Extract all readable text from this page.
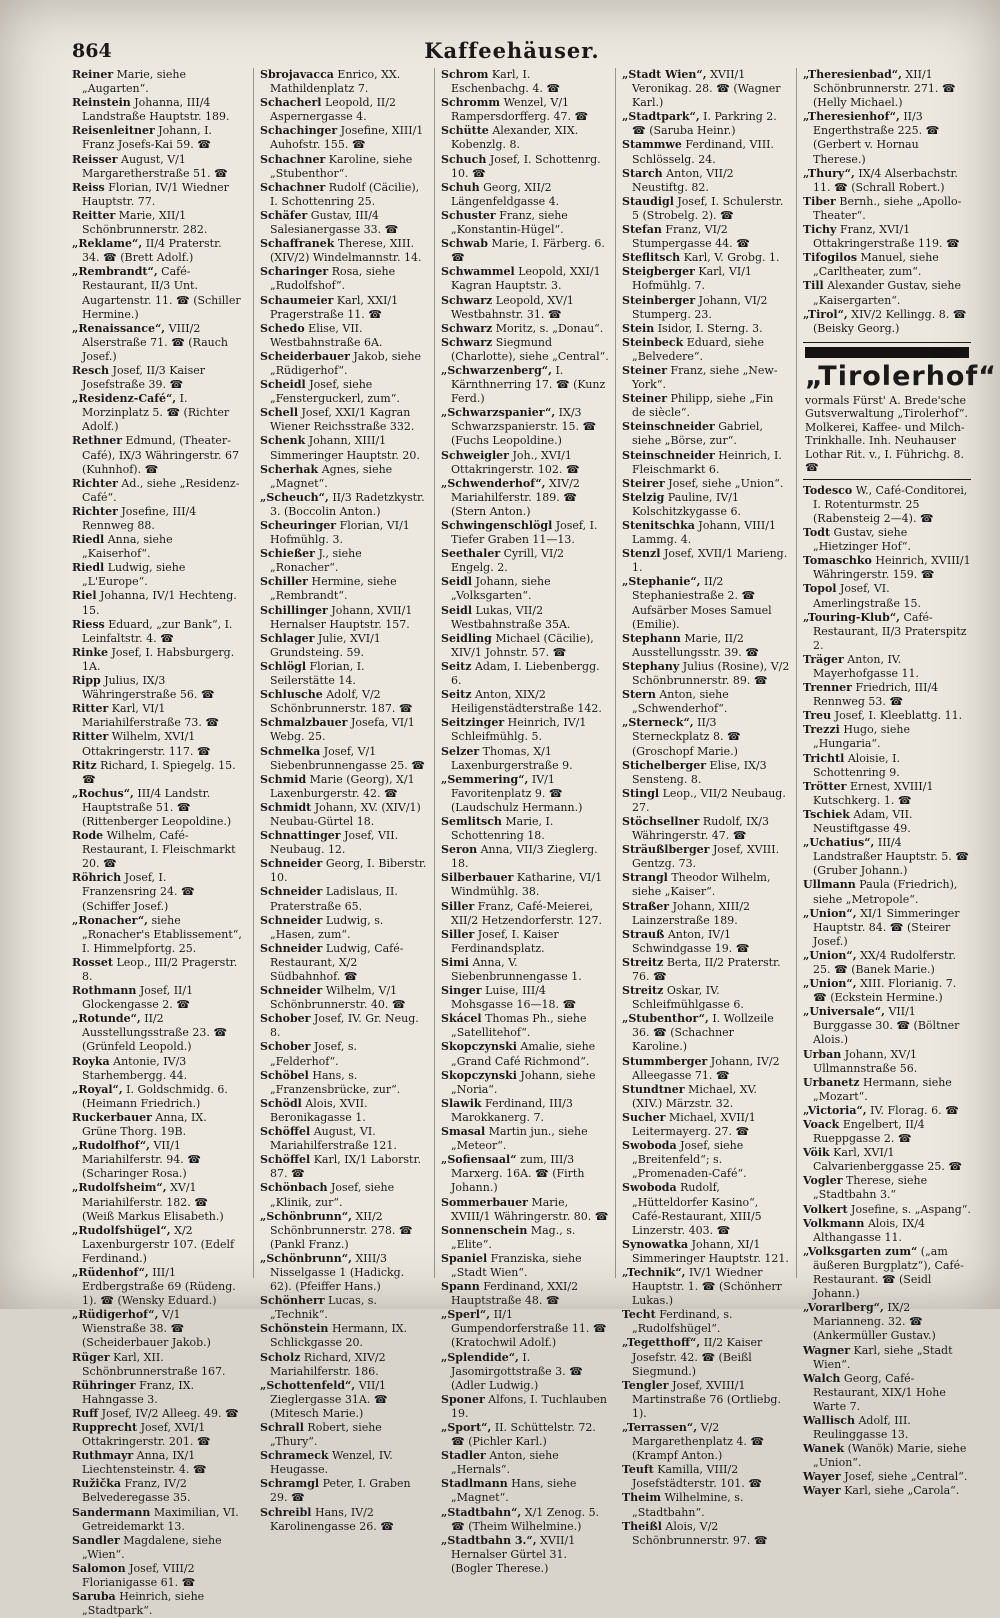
864	Kaffeehäuser.
Reiner Marie, siehe „Augarten“.
Reinstein Johanna, III/4 Landstraße Hauptstr. 189.
Reisenleitner Johann, I. Franz Josefs-Kai 59. ☎
Reisser August, V/1 Margaretherstraße 51. ☎
Reiss Florian, IV/1 Wiedner Hauptstr. 77.
Reitter Marie, XII/1 Schönbrunnerstr. 282.
„Reklame“, II/4 Praterstr. 34. ☎ (Brett Adolf.)
„Rembrandt“, Café-Restaurant, II/3 Unt. Augartenstr. 11. ☎ (Schiller Hermine.)
„Renaissance“, VIII/2 Alserstraße 71. ☎ (Rauch Josef.)
Resch Josef, II/3 Kaiser Josefstraße 39. ☎
„Residenz-Café“, I. Morzinplatz 5. ☎ (Richter Adolf.)
Rethner Edmund, (Theater-Café), IX/3 Währingerstr. 67 (Kuhnhof). ☎
Richter Ad., siehe „Residenz-Café“.
Richter Josefine, III/4 Rennweg 88.
Riedl Anna, siehe „Kaiserhof“.
Riedl Ludwig, siehe „L'Europe“.
Riel Johanna, IV/1 Hechteng. 15.
Riess Eduard, „zur Bank“, I. Leinfaltstr. 4. ☎
Rinke Josef, I. Habsburgerg. 1A.
Ripp Julius, IX/3 Währingerstraße 56. ☎
Ritter Karl, VI/1 Mariahilferstraße 73. ☎
Ritter Wilhelm, XVI/1 Ottakringerstr. 117. ☎
Ritz Richard, I. Spiegelg. 15. ☎
„Rochus“, III/4 Landstr. Hauptstraße 51. ☎ (Rittenberger Leopoldine.)
Rode Wilhelm, Café-Restaurant, I. Fleischmarkt 20. ☎
Röhrich Josef, I. Franzensring 24. ☎ (Schiffer Josef.)
„Ronacher“, siehe „Ronacher's Etablissement“, I. Himmelpfortg. 25.
Rosset Leop., III/2 Pragerstr. 8.
Rothmann Josef, II/1 Glockengasse 2. ☎
„Rotunde“, II/2 Ausstellungsstraße 23. ☎ (Grünfeld Leopold.)
Royka Antonie, IV/3 Starhembergg. 44.
„Royal“, I. Goldschmidg. 6. (Heimann Friedrich.)
Ruckerbauer Anna, IX. Grüne Thorg. 19B.
„Rudolfhof“, VII/1 Mariahilferstr. 94. ☎ (Scharinger Rosa.)
„Rudolfsheim“, XV/1 Mariahilferstr. 182. ☎ (Weiß Markus Elisabeth.)
„Rudolfshügel“, X/2 Laxenburgerstr 107. (Edelf Ferdinand.)
„Rüdenhof“, III/1 Erdbergstraße 69 (Rüdeng. 1). ☎ (Wensky Eduard.)
„Rüdigerhof“, V/1 Wienstraße 38. ☎ (Scheiderbauer Jakob.)
Rüger Karl, XII. Schönbrunnerstraße 167.
Rühringer Franz, IX. Hahngasse 3.
Ruff Josef, IV/2 Alleeg. 49. ☎
Rupprecht Josef, XVI/1 Ottakringerstr. 201. ☎
Ruthmayr Anna, IX/1 Liechtensteinstr. 4. ☎
Ružička Franz, IV/2 Belvederegasse 35.
Sandermann Maximilian, VI. Getreidemarkt 13.
Sandler Magdalene, siehe „Wien“.
Salomon Josef, VIII/2 Florianigasse 61. ☎
Saruba Heinrich, siehe „Stadtpark“.
Sbrojavacca Enrico, XX. Mathildenplatz 7.
Schacherl Leopold, II/2 Aspernergasse 4.
Schachinger Josefine, XIII/1 Auhofstr. 155. ☎
Schachner Karoline, siehe „Stubenthor“.
Schachner Rudolf (Cäcilie), I. Schottenring 25.
Schäfer Gustav, III/4 Salesianergasse 33. ☎
Schaffranek Therese, XIII. (XIV/2) Windelmannstr. 14.
Scharinger Rosa, siehe „Rudolfshof“.
Schaumeier Karl, XXI/1 Pragerstraße 11. ☎
Schedo Elise, VII. Westbahnstraße 6A.
Scheiderbauer Jakob, siehe „Rüdigerhof“.
Scheidl Josef, siehe „Fensterguckerl, zum“.
Schell Josef, XXI/1 Kagran Wiener Reichsstraße 332.
Schenk Johann, XIII/1 Simmeringer Hauptstr. 20.
Scherhak Agnes, siehe „Magnet“.
„Scheuch“, II/3 Radetzkystr. 3. (Boccolin Anton.)
Scheuringer Florian, VI/1 Hofmühlg. 3.
Schießer J., siehe „Ronacher“.
Schiller Hermine, siehe „Rembrandt“.
Schillinger Johann, XVII/1 Hernalser Hauptstr. 157.
Schlager Julie, XVI/1 Grundsteing. 59.
Schlögl Florian, I. Seilerstätte 14.
Schlusche Adolf, V/2 Schönbrunnerstr. 187. ☎
Schmalzbauer Josefa, VI/1 Webg. 25.
Schmelka Josef, V/1 Siebenbrunnengasse 25. ☎
Schmid Marie (Georg), X/1 Laxenburgerstr. 42. ☎
Schmidt Johann, XV. (XIV/1) Neubau-Gürtel 18.
Schnattinger Josef, VII. Neubaug. 12.
Schneider Georg, I. Biberstr. 10.
Schneider Ladislaus, II. Praterstraße 65.
Schneider Ludwig, s. „Hasen, zum“.
Schneider Ludwig, Café-Restaurant, X/2 Südbahnhof. ☎
Schneider Wilhelm, V/1 Schönbrunnerstr. 40. ☎
Schober Josef, IV. Gr. Neug. 8.
Schober Josef, s. „Felderhof“.
Schöbel Hans, s. „Franzensbrücke, zur“.
Schödl Alois, XVII. Beronikagasse 1.
Schöffel August, VI. Mariahilferstraße 121.
Schöffel Karl, IX/1 Laborstr. 87. ☎
Schönbach Josef, siehe „Klinik, zur“.
„Schönbrunn“, XII/2 Schönbrunnerstr. 278. ☎ (Pankl Franz.)
„Schönbrunn“, XIII/3 Nisselgasse 1 (Hadickg. 62). (Pfeiffer Hans.)
Schönherr Lucas, s. „Technik“.
Schönstein Hermann, IX. Schlickgasse 20.
Scholz Richard, XIV/2 Mariahilferstr. 186.
„Schottenfeld“, VII/1 Zieglergasse 31A. ☎ (Mitesch Marie.)
Schrall Robert, siehe „Thury“.
Schrameck Wenzel, IV. Heugasse.
Schramgl Peter, I. Graben 29. ☎
Schreibl Hans, IV/2 Karolinengasse 26. ☎
Schrom Karl, I. Eschenbachg. 4. ☎
Schromm Wenzel, V/1 Rampersdorfferg. 47. ☎
Schütte Alexander, XIX. Kobenzlg. 8.
Schuch Josef, I. Schottenrg. 10. ☎
Schuh Georg, XII/2 Längenfeldgasse 4.
Schuster Franz, siehe „Konstantin-Hügel“.
Schwab Marie, I. Färberg. 6. ☎
Schwammel Leopold, XXI/1 Kagran Hauptstr. 3.
Schwarz Leopold, XV/1 Westbahnstr. 31. ☎
Schwarz Moritz, s. „Donau“.
Schwarz Siegmund (Charlotte), siehe „Central“.
„Schwarzenberg“, I. Kärnthnerring 17. ☎ (Kunz Ferd.)
„Schwarzspanier“, IX/3 Schwarzspanierstr. 15. ☎ (Fuchs Leopoldine.)
Schweigler Joh., XVI/1 Ottakringerstr. 102. ☎
„Schwenderhof“, XIV/2 Mariahilferstr. 189. ☎ (Stern Anton.)
Schwingenschlögl Josef, I. Tiefer Graben 11—13.
Seethaler Cyrill, VI/2 Engelg. 2.
Seidl Johann, siehe „Volksgarten“.
Seidl Lukas, VII/2 Westbahnstraße 35A.
Seidling Michael (Cäcilie), XIV/1 Johnstr. 57. ☎
Seitz Adam, I. Liebenbergg. 6.
Seitz Anton, XIX/2 Heiligenstädterstraße 142.
Seitzinger Heinrich, IV/1 Schleifmühlg. 5.
Selzer Thomas, X/1 Laxenburgerstraße 9.
„Semmering“, IV/1 Favoritenplatz 9. ☎ (Laudschulz Hermann.)
Semlitsch Marie, I. Schottenring 18.
Seron Anna, VII/3 Zieglerg. 18.
Silberbauer Katharine, VI/1 Windmühlg. 38.
Siller Franz, Café-Meierei, XII/2 Hetzendorferstr. 127.
Siller Josef, I. Kaiser Ferdinandsplatz.
Simi Anna, V. Siebenbrunnengasse 1.
Singer Luise, III/4 Mohsgasse 16—18. ☎
Skácel Thomas Ph., siehe „Satellitehof“.
Skopczynski Amalie, siehe „Grand Café Richmond“.
Skopczynski Johann, siehe „Noria“.
Slawik Ferdinand, III/3 Marokkanerg. 7.
Smasal Martin jun., siehe „Meteor“.
„Sofiensaal“ zum, III/3 Marxerg. 16A. ☎ (Firth Johann.)
Sommerbauer Marie, XVIII/1 Währingerstr. 80. ☎
Sonnenschein Mag., s. „Elite“.
Spaniel Franziska, siehe „Stadt Wien“.
Spann Ferdinand, XXI/2 Hauptstraße 48. ☎
„Sperl“, II/1 Gumpendorferstraße 11. ☎ (Kratochwil Adolf.)
„Splendide“, I. Jasomirgottstraße 3. ☎ (Adler Ludwig.)
Sponer Alfons, I. Tuchlauben 19.
„Sport“, II. Schüttelstr. 72. ☎ (Pichler Karl.)
Stadler Anton, siehe „Hernals“.
Stadlmann Hans, siehe „Magnet“.
„Stadtbahn“, X/1 Zenog. 5. ☎ (Theim Wilhelmine.)
„Stadtbahn 3.“, XVII/1 Hernalser Gürtel 31. (Bogler Therese.)
„Stadt Wien“, XVII/1 Veronikag. 28. ☎ (Wagner Karl.)
„Stadtpark“, I. Parkring 2. ☎ (Saruba Heinr.)
Stammwe Ferdinand, VIII. Schlösselg. 24.
Starch Anton, VII/2 Neustiftg. 82.
Staudigl Josef, I. Schulerstr. 5 (Strobelg. 2). ☎
Stefan Franz, VI/2 Stumpergasse 44. ☎
Steflitsch Karl, V. Grobg. 1.
Steigberger Karl, VI/1 Hofmühlg. 7.
Steinberger Johann, VI/2 Stumperg. 23.
Stein Isidor, I. Sterng. 3.
Steinbeck Eduard, siehe „Belvedere“.
Steiner Franz, siehe „New-York“.
Steiner Philipp, siehe „Fin de siècle“.
Steinschneider Gabriel, siehe „Börse, zur“.
Steinschneider Heinrich, I. Fleischmarkt 6.
Steirer Josef, siehe „Union“.
Stelzig Pauline, IV/1 Kolschitzkygasse 6.
Stenitschka Johann, VIII/1 Lammg. 4.
Stenzl Josef, XVII/1 Marieng. 1.
„Stephanie“, II/2 Stephaniestraße 2. ☎ Aufsärber Moses Samuel (Emilie).
Stephann Marie, II/2 Ausstellungsstr. 39. ☎
Stephany Julius (Rosine), V/2 Schönbrunnerstr. 89. ☎
Stern Anton, siehe „Schwenderhof“.
„Sterneck“, II/3 Sterneckplatz 8. ☎ (Groschopf Marie.)
Stichelberger Elise, IX/3 Sensteng. 8.
Stingl Leop., VII/2 Neubaug. 27.
Stöchsellner Rudolf, IX/3 Währingerstr. 47. ☎
Sträußlberger Josef, XVIII. Gentzg. 73.
Strangl Theodor Wilhelm, siehe „Kaiser“.
Straßer Johann, XIII/2 Lainzerstraße 189.
Strauß Anton, IV/1 Schwindgasse 19. ☎
Streitz Berta, II/2 Praterstr. 76. ☎
Streitz Oskar, IV. Schleifmühlgasse 6.
„Stubenthor“, I. Wollzeile 36. ☎ (Schachner Karoline.)
Stummberger Johann, IV/2 Alleegasse 71. ☎
Stundtner Michael, XV. (XIV.) Märzstr. 32.
Sucher Michael, XVII/1 Leitermayerg. 27. ☎
Swoboda Josef, siehe „Breitenfeld“; s. „Promenaden-Café“.
Swoboda Rudolf, „Hütteldorfer Kasino“, Café-Restaurant, XIII/5 Linzerstr. 403. ☎
Synowatka Johann, XI/1 Simmeringer Hauptstr. 121.
„Technik“, IV/1 Wiedner Hauptstr. 1. ☎ (Schönherr Lukas.)
Techt Ferdinand, s. „Rudolfshügel“.
„Tegetthoff“, II/2 Kaiser Josefstr. 42. ☎ (Beißl Siegmund.)
Tengler Josef, XVIII/1 Martinstraße 76 (Ortliebg. 1).
„Terrassen“, V/2 Margarethenplatz 4. ☎ (Krampf Anton.)
Teuft Kamilla, VIII/2 Josefstädterstr. 101. ☎
Theim Wilhelmine, s. „Stadtbahn“.
Theißl Alois, V/2 Schönbrunnerstr. 97. ☎
„Theresienbad“, XII/1 Schönbrunnerstr. 271. ☎ (Helly Michael.)
„Theresienhof“, II/3 Engerthstraße 225. ☎ (Gerbert v. Hornau Therese.)
„Thury“, IX/4 Alserbachstr. 11. ☎ (Schrall Robert.)
Tiber Bernh., siehe „Apollo-Theater“.
Tichy Franz, XVI/1 Ottakringerstraße 119. ☎
Tifogilos Manuel, siehe „Carltheater, zum“.
Till Alexander Gustav, siehe „Kaisergarten“.
„Tirol“, XIV/2 Kellingg. 8. ☎ (Beisky Georg.)
„Tirolerhof“
vormals Fürst' A. Brede'sche
Gutsverwaltung „Tirolerhof“.
Molkerei, Kaffee- und Milch-
Trinkhalle. Inh. Neuhauser
Lothar Rit. v., I. Führichg. 8. ☎
Todesco W., Café-Conditorei, I. Rotenturmstr. 25 (Rabensteig 2—4). ☎
Todt Gustav, siehe „Hietzinger Hof“.
Tomaschko Heinrich, XVIII/1 Währingerstr. 159. ☎
Topol Josef, VI. Amerlingstraße 15.
„Touring-Klub“, Café-Restaurant, II/3 Praterspitz 2.
Träger Anton, IV. Mayerhofgasse 11.
Trenner Friedrich, III/4 Rennweg 53. ☎
Treu Josef, I. Kleeblattg. 11.
Trezzi Hugo, siehe „Hungaria“.
Trichtl Aloisie, I. Schottenring 9.
Trötter Ernest, XVIII/1 Kutschkerg. 1. ☎
Tschiek Adam, VII. Neustiftgasse 49.
„Uchatius“, III/4 Landstraßer Hauptstr. 5. ☎ (Gruber Johann.)
Ullmann Paula (Friedrich), siehe „Metropole“.
„Union“, XI/1 Simmeringer Hauptstr. 84. ☎ (Steirer Josef.)
„Union“, XX/4 Rudolferstr. 25. ☎ (Banek Marie.)
„Union“, XIII. Florianig. 7. ☎ (Eckstein Hermine.)
„Universale“, VII/1 Burggasse 30. ☎ (Böltner Alois.)
Urban Johann, XV/1 Ullmannstraße 56.
Urbanetz Hermann, siehe „Mozart“.
„Victoria“, IV. Florag. 6. ☎
Voack Engelbert, II/4 Rueppgasse 2. ☎
Vöik Karl, XVI/1 Calvarienberggasse 25. ☎
Vogler Therese, siehe „Stadtbahn 3.“
Volkert Josefine, s. „Aspang“.
Volkmann Alois, IX/4 Althangasse 11.
„Volksgarten zum“ („am äußeren Burgplatz“), Café-Restaurant. ☎ (Seidl Johann.)
„Vorarlberg“, IX/2 Marianneng. 32. ☎ (Ankermüller Gustav.)
Wagner Karl, siehe „Stadt Wien“.
Walch Georg, Café-Restaurant, XIX/1 Hohe Warte 7.
Wallisch Adolf, III. Reulinggasse 13.
Wanek (Wanök) Marie, siehe „Union“.
Wayer Josef, siehe „Central“.
Wayer Karl, siehe „Carola“.
